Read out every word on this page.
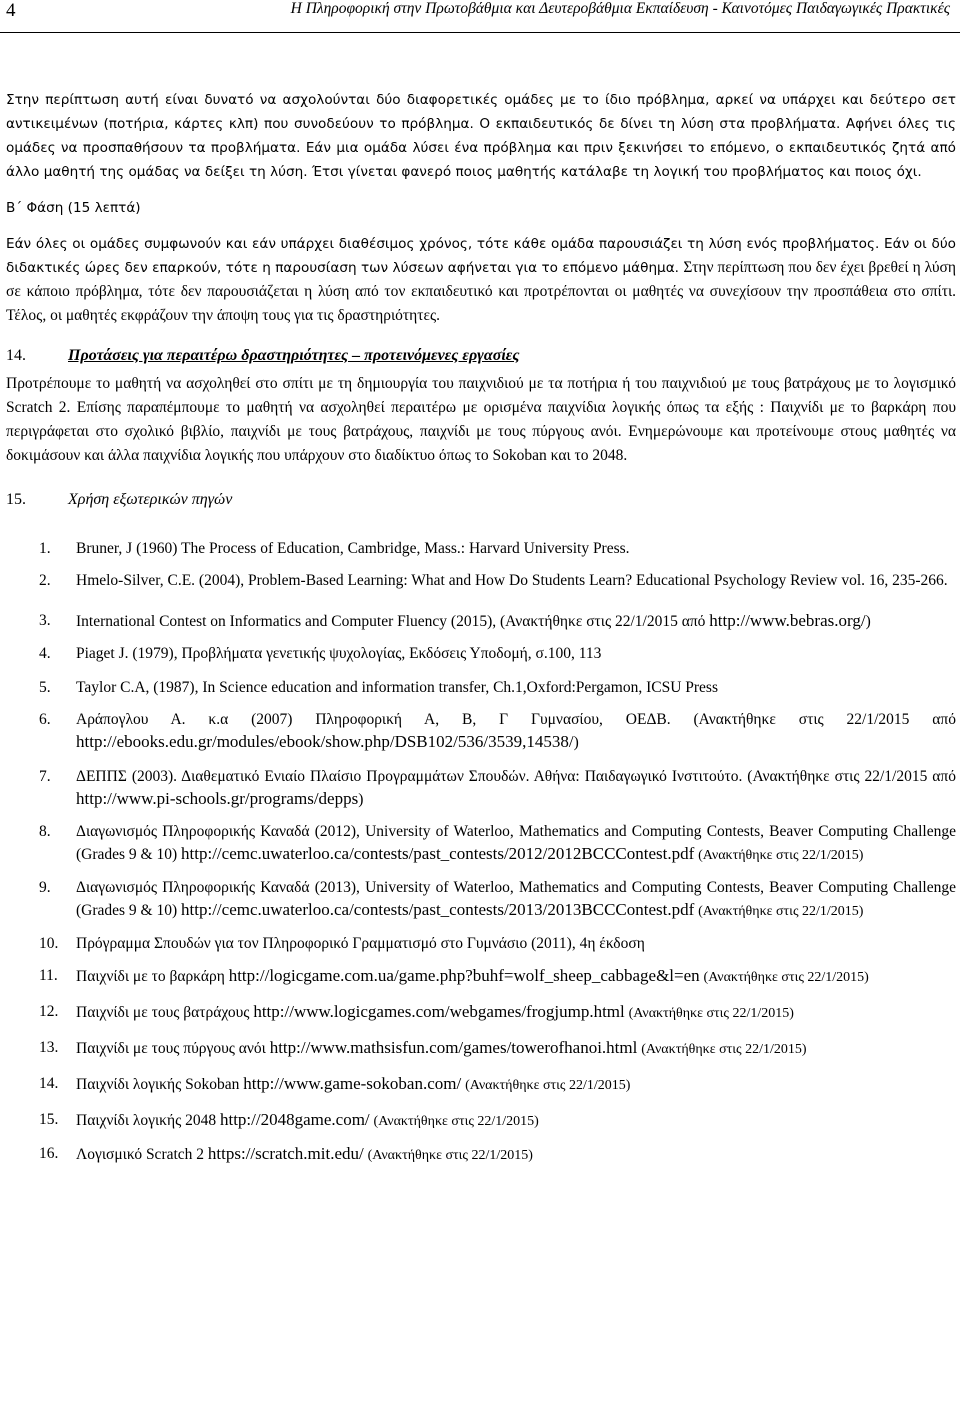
4	Η Πληροφορική στην Πρωτοβάθμια και Δευτεροβάθμια Εκπαίδευση - Καινοτόμες Παιδαγωγικές Πρακτικές

Στην περίπτωση αυτή είναι δυνατό να ασχολούνται δύο διαφορετικές ομάδες με το ίδιο πρόβλημα, αρκεί να υπάρχει και δεύτερο σετ αντικειμένων (ποτήρια, κάρτες κλπ) που συνοδεύουν το πρόβλημα. Ο εκπαιδευτικός δε δίνει τη λύση στα προβλήματα. Αφήνει όλες τις ομάδες να προσπαθήσουν τα προβλήματα. Εάν μια ομάδα λύσει ένα πρόβλημα και πριν ξεκινήσει το επόμενο, ο εκπαιδευτικός ζητά από άλλο μαθητή της ομάδας να δείξει τη λύση. Έτσι γίνεται φανερό ποιος μαθητής κατάλαβε τη λογική του προβλήματος και ποιος όχι.

Β΄ Φάση (15 λεπτά)

Εάν όλες οι ομάδες συμφωνούν και εάν υπάρχει διαθέσιμος χρόνος, τότε κάθε ομάδα παρουσιάζει τη λύση ενός προβλήματος. Εάν οι δύο διδακτικές ώρες δεν επαρκούν, τότε η παρουσίαση των λύσεων αφήνεται για το επόμενο μάθημα. Στην περίπτωση που δεν έχει βρεθεί η λύση σε κάποιο πρόβλημα, τότε δεν παρουσιάζεται η λύση από τον εκπαιδευτικό και προτρέπονται οι μαθητές να συνεχίσουν την προσπάθεια στο σπίτι. Τέλος, οι μαθητές εκφράζουν την άποψη τους για τις δραστηριότητες.

14.	Προτάσεις για περαιτέρω δραστηριότητες – προτεινόμενες εργασίες

Προτρέπουμε το μαθητή να ασχοληθεί στο σπίτι με τη δημιουργία του παιχνιδιού με τα ποτήρια ή του παιχνιδιού με τους βατράχους με το λογισμικό Scratch 2. Επίσης παραπέμπουμε το μαθητή να ασχοληθεί περαιτέρω με ορισμένα παιχνίδια λογικής όπως τα εξής : Παιχνίδι με το βαρκάρη που περιγράφεται στο σχολικό βιβλίο, παιχνίδι με τους βατράχους, παιχνίδι με τους πύργους ανόι. Ενημερώνουμε και προτείνουμε στους μαθητές να δοκιμάσουν και άλλα παιχνίδια λογικής που υπάρχουν στο διαδίκτυο όπως το Sokoban και το 2048.

15.	Χρήση εξωτερικών πηγών

1. Bruner, J (1960) The Process of Education, Cambridge, Mass.: Harvard University Press.
2. Hmelo-Silver, C.E. (2004), Problem-Based Learning: What and How Do Students Learn? Educational Psychology Review vol. 16, 235-266.
3. International Contest on Informatics and Computer Fluency (2015), (Ανακτήθηκε στις 22/1/2015 από http://www.bebras.org/)
4. Piaget J. (1979), Προβλήματα γενετικής ψυχολογίας, Εκδόσεις Υποδομή, σ.100, 113
5. Taylor C.A, (1987), In Science education and information transfer, Ch.1,Oxford:Pergamon, ICSU Press
6. Αράπογλου Α. κ.α (2007) Πληροφορική Α, Β, Γ Γυμνασίου, ΟΕΔΒ. (Ανακτήθηκε στις 22/1/2015 από http://ebooks.edu.gr/modules/ebook/show.php/DSB102/536/3539,14538/)
7. ΔΕΠΠΣ (2003). Διαθεματικό Ενιαίο Πλαίσιο Προγραμμάτων Σπουδών. Αθήνα: Παιδαγωγικό Ινστιτούτο. (Ανακτήθηκε στις 22/1/2015 από http://www.pi-schools.gr/programs/depps)
8. Διαγωνισμός Πληροφορικής Καναδά (2012), University of Waterloo, Mathematics and Computing Contests, Beaver Computing Challenge (Grades 9 & 10) http://cemc.uwaterloo.ca/contests/past_contests/2012/2012BCCContest.pdf (Ανακτήθηκε στις 22/1/2015)
9. Διαγωνισμός Πληροφορικής Καναδά (2013), University of Waterloo, Mathematics and Computing Contests, Beaver Computing Challenge (Grades 9 & 10) http://cemc.uwaterloo.ca/contests/past_contests/2013/2013BCCContest.pdf (Ανακτήθηκε στις 22/1/2015)
10. Πρόγραμμα Σπουδών για τον Πληροφορικό Γραμματισμό στο Γυμνάσιο (2011), 4η έκδοση
11. Παιχνίδι με το βαρκάρη http://logicgame.com.ua/game.php?buhf=wolf_sheep_cabbage&l=en (Ανακτήθηκε στις 22/1/2015)
12. Παιχνίδι με τους βατράχους http://www.logicgames.com/webgames/frogjump.html (Ανακτήθηκε στις 22/1/2015)
13. Παιχνίδι με τους πύργους ανόι http://www.mathsisfun.com/games/towerofhanoi.html (Ανακτήθηκε στις 22/1/2015)
14. Παιχνίδι λογικής Sokoban http://www.game-sokoban.com/ (Ανακτήθηκε στις 22/1/2015)
15. Παιχνίδι λογικής 2048 http://2048game.com/ (Ανακτήθηκε στις 22/1/2015)
16. Λογισμικό Scratch 2 https://scratch.mit.edu/ (Ανακτήθηκε στις 22/1/2015)
